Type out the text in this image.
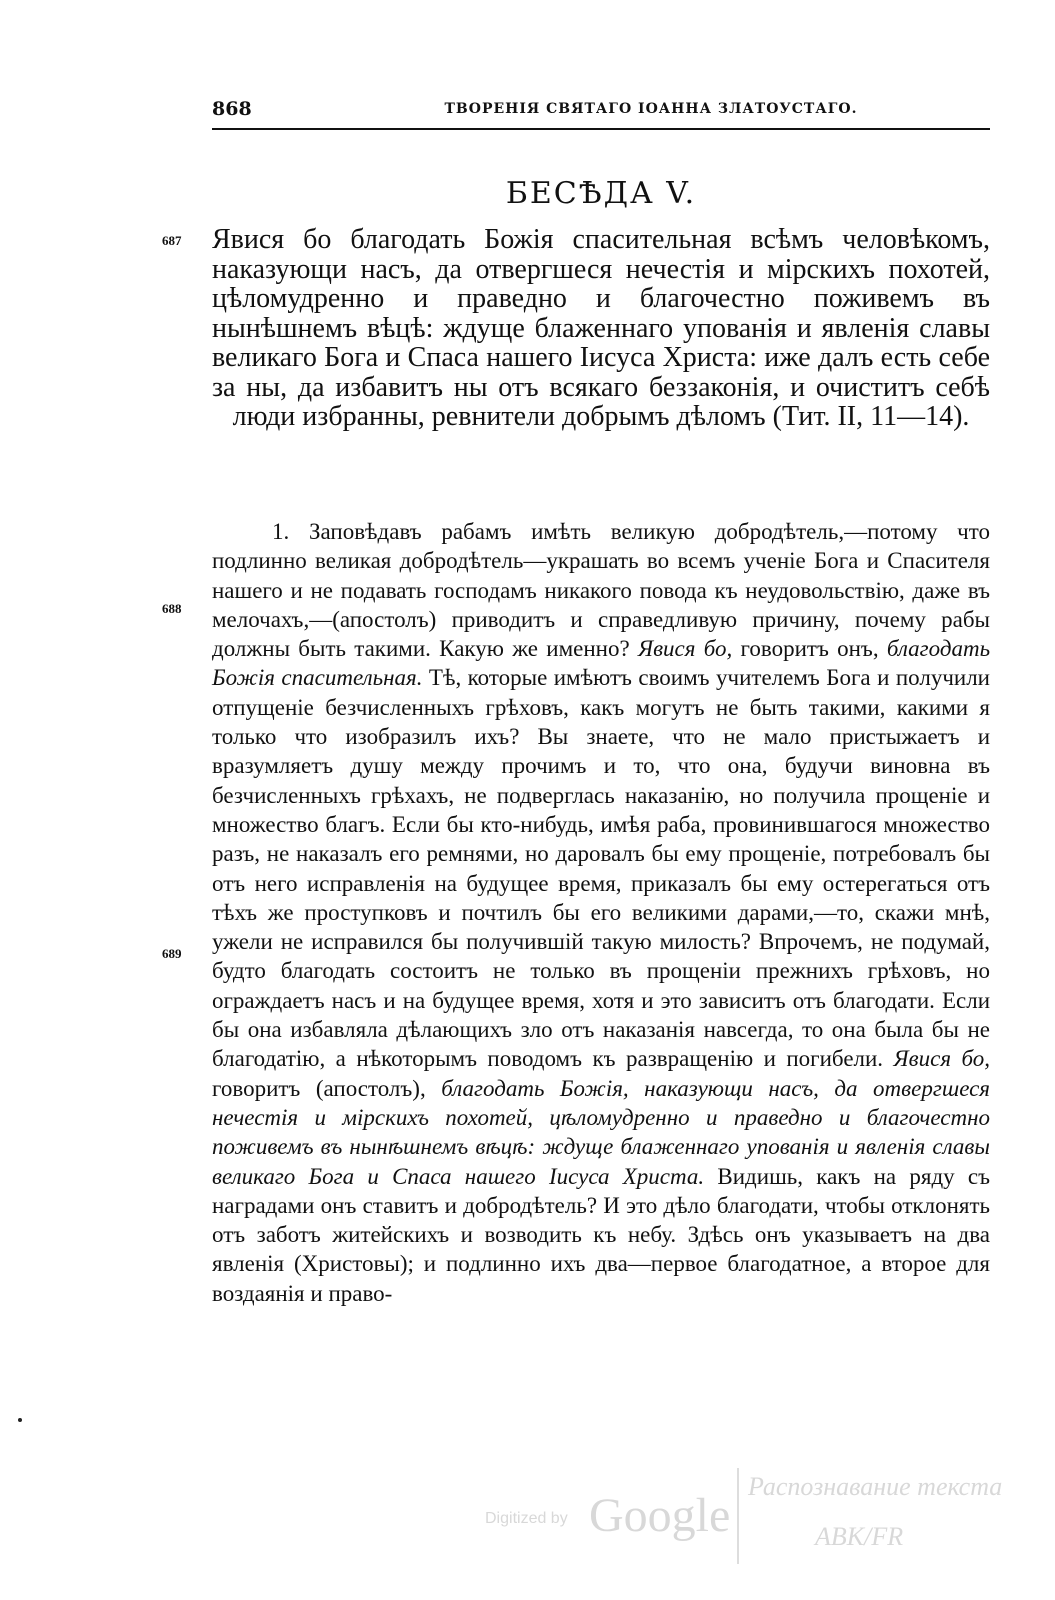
868	ТВОРЕНІЯ СВЯТАГО ІОАННА ЗЛАТОУСТАГО.
БЕСѢДА V.
687
688
689
Явися бо благодать Божія спасительная всѣмъ человѣкомъ, наказующи насъ, да отвергшеся нечестія и мірскихъ похотей, цѣломудренно и праведно и благочестно поживемъ въ нынѣшнемъ вѣцѣ: ждуще блаженнаго упованія и явленія славы великаго Бога и Спаса нашего Іисуса Христа: иже далъ есть себе за ны, да избавитъ ны отъ всякаго беззаконія, и очиститъ себѣ люди избранны, ревнители добрымъ дѣломъ (Тит. II, 11—14).
1. Заповѣдавъ рабамъ имѣть великую добродѣтель,—потому что подлинно великая добродѣтель—украшать во всемъ ученіе Бога и Спасителя нашего и не подавать господамъ никакого повода къ неудовольствію, даже въ мелочахъ,—(апостолъ) приводитъ и справедливую причину, почему рабы должны быть такими. Какую же именно? Явися бо, говоритъ онъ, благодать Божія спасительная. Тѣ, которые имѣютъ своимъ учителемъ Бога и получили отпущеніе безчисленныхъ грѣховъ, какъ могутъ не быть такими, какими я только что изобразилъ ихъ? Вы знаете, что не мало пристыжаетъ и вразумляетъ душу между прочимъ и то, что она, будучи виновна въ безчисленныхъ грѣхахъ, не подверглась наказанію, но получила прощеніе и множество благъ. Если бы кто-нибудь, имѣя раба, провинившагося множество разъ, не наказалъ его ремнями, но даровалъ бы ему прощеніе, потребовалъ бы отъ него исправленія на будущее время, приказалъ бы ему остерегаться отъ тѣхъ же проступковъ и почтилъ бы его великими дарами,—то, скажи мнѣ, ужели не исправился бы получившій такую милость? Впрочемъ, не подумай, будто благодать состоитъ не только въ прощеніи прежнихъ грѣховъ, но ограждаетъ насъ и на будущее время, хотя и это зависитъ отъ благодати. Если бы она избавляла дѣлающихъ зло отъ наказанія навсегда, то она была бы не благодатію, а нѣкоторымъ поводомъ къ развращенію и погибели. Явися бо, говоритъ (апостолъ), благодать Божія, наказующи насъ, да отвергшеся нечестія и мірскихъ похотей, цѣломудренно и праведно и благочестно поживемъ въ нынѣшнемъ вѣцѣ: ждуще блаженнаго упованія и явленія славы великаго Бога и Спаса нашего Іисуса Христа. Видишь, какъ на ряду съ наградами онъ ставитъ и добродѣтель? И это дѣло благодати, чтобы отклонять отъ заботъ житейскихъ и возводить къ небу. Здѣсь онъ указываетъ на два явленія (Христовы); и подлинно ихъ два—первое благодатное, а второе для воздаянія и право-
Digitized by Google
Распознавание текста
ABK/FR
